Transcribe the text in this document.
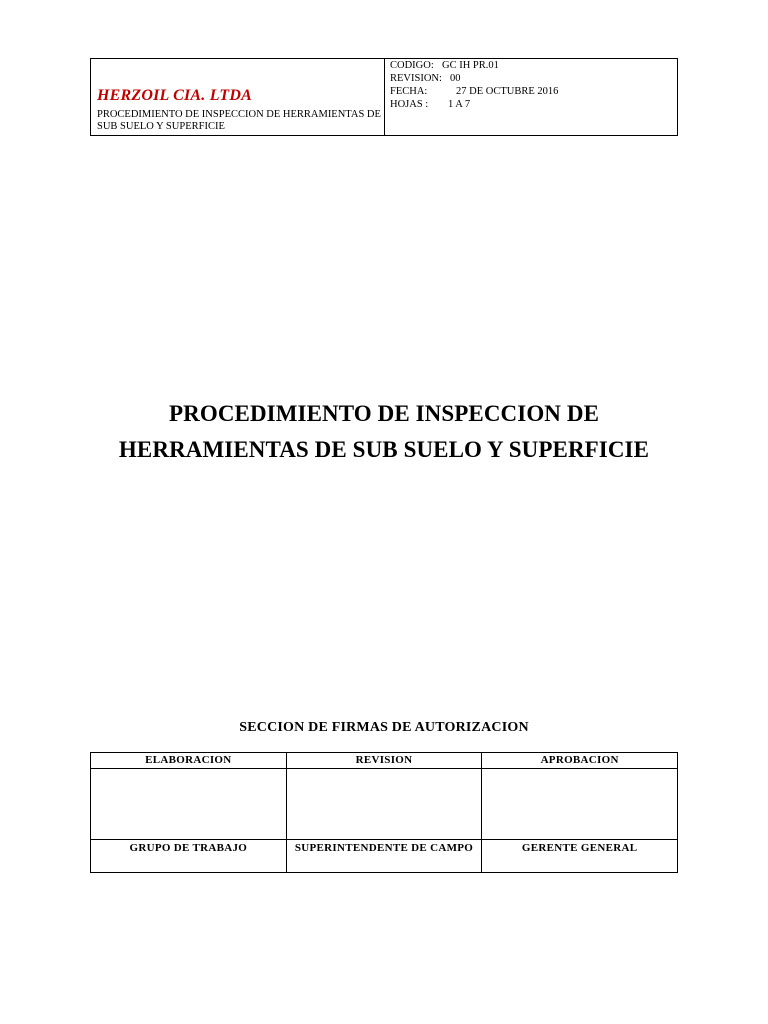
HERZOIL CIA. LTDA
PROCEDIMIENTO DE INSPECCION DE HERRAMIENTAS DE SUB SUELO Y SUPERFICIE

CODIGO: GC IH PR.01
REVISION: 00
FECHA:	27 DE OCTUBRE 2016
HOJAS : 1 A 7
PROCEDIMIENTO DE INSPECCION DE
HERRAMIENTAS DE SUB SUELO Y SUPERFICIE
SECCION DE FIRMAS DE AUTORIZACION
ELABORACION	REVISION	APROBACION

GRUPO DE TRABAJO	SUPERINTENDENTE DE CAMPO	GERENTE GENERAL
